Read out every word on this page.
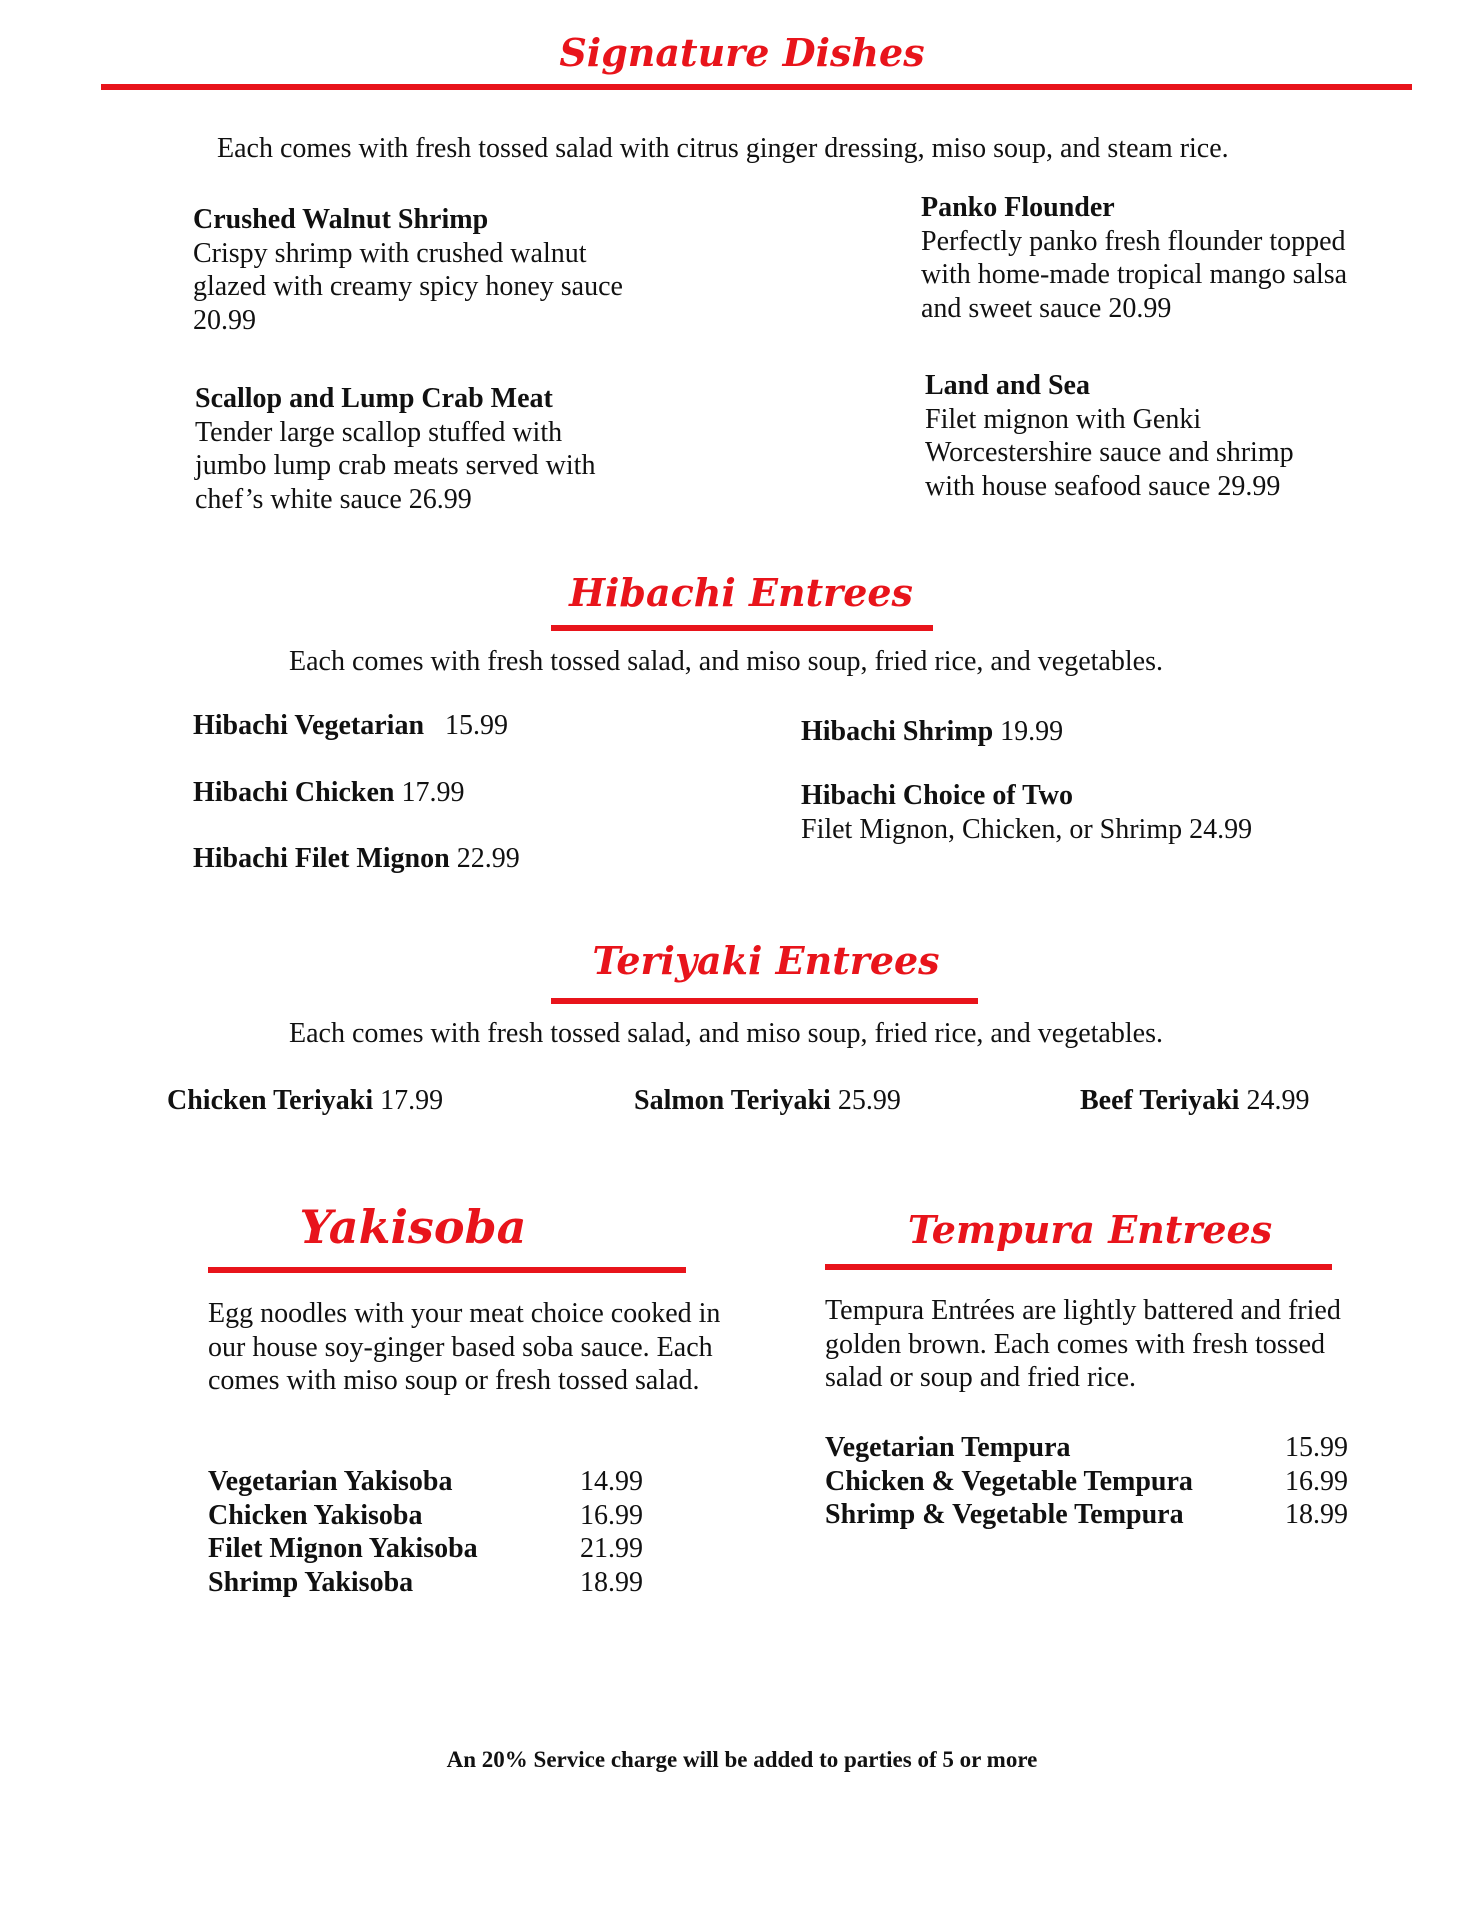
Signature Dishes
Each comes with fresh tossed salad with citrus ginger dressing, miso soup, and steam rice.
Crushed Walnut Shrimp
Crispy shrimp with crushed walnut glazed with creamy spicy honey sauce 20.99
Panko Flounder
Perfectly panko fresh flounder topped with home-made tropical mango salsa and sweet sauce 20.99
Scallop and Lump Crab Meat
Tender large scallop stuffed with jumbo lump crab meats served with chef’s white sauce 26.99
Land and Sea
Filet mignon with Genki Worcestershire sauce and shrimp with house seafood sauce 29.99
Hibachi Entrees
Each comes with fresh tossed salad, and miso soup, fried rice, and vegetables.
Hibachi Vegetarian 15.99
Hibachi Chicken 17.99
Hibachi Filet Mignon 22.99
Hibachi Shrimp 19.99
Hibachi Choice of Two
Filet Mignon, Chicken, or Shrimp 24.99
Teriyaki Entrees
Each comes with fresh tossed salad, and miso soup, fried rice, and vegetables.
Chicken Teriyaki 17.99	Salmon Teriyaki 25.99	Beef Teriyaki 24.99
Yakisoba
Egg noodles with your meat choice cooked in our house soy-ginger based soba sauce. Each comes with miso soup or fresh tossed salad.
Vegetarian Yakisoba	14.99
Chicken Yakisoba	16.99
Filet Mignon Yakisoba	21.99
Shrimp Yakisoba	18.99
Tempura Entrees
Tempura Entrées are lightly battered and fried golden brown. Each comes with fresh tossed salad or soup and fried rice.
Vegetarian Tempura	15.99
Chicken & Vegetable Tempura	16.99
Shrimp & Vegetable Tempura	18.99
An 20% Service charge will be added to parties of 5 or more
